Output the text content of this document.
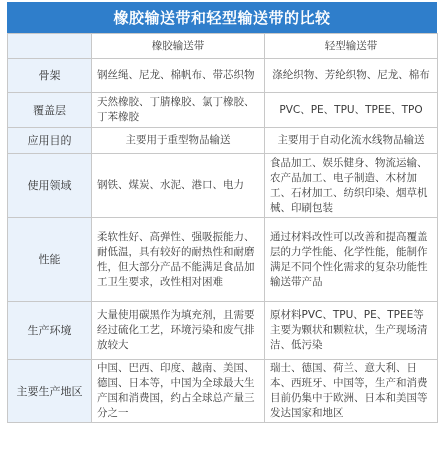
橡胶输送带和轻型输送带的比较
	橡胶输送带	轻型输送带
骨架	钢丝绳、尼龙、棉帆布、带芯织物	涤纶织物、芳纶织物、尼龙、棉布
覆盖层	天然橡胶、丁腈橡胶、氯丁橡胶、丁苯橡胶	PVC、PE、TPU、TPEE、TPO
应用目的	主要用于重型物品输送	主要用于自动化流水线物品输送
使用领域	钢铁、煤炭、水泥、港口、电力	食品加工、娱乐健身、物流运输、农产品加工、电子制造、木材加工、石材加工、纺织印染、烟草机械、印刷包装
性能	柔软性好、高弹性、强吸振能力、耐低温，具有较好的耐热性和耐磨性，但大部分产品不能满足食品加工卫生要求，改性相对困难	通过材料改性可以改善和提高覆盖层的力学性能、化学性能，能制作满足不同个性化需求的复杂功能性输送带产品
生产环境	大量使用碳黑作为填充剂，且需要经过硫化工艺，环境污染和废气排放较大	原材料PVC、TPU、PE、TPEE等主要为颗状和颗粒状，生产现场清洁、低污染
主要生产地区	中国、巴西、印度、越南、美国、德国、日本等，中国为全球最大生产国和消费国，约占全球总产量三分之一	瑞士、德国、荷兰、意大利、日本、西班牙、中国等，生产和消费目前仍集中于欧洲、日本和美国等发达国家和地区
